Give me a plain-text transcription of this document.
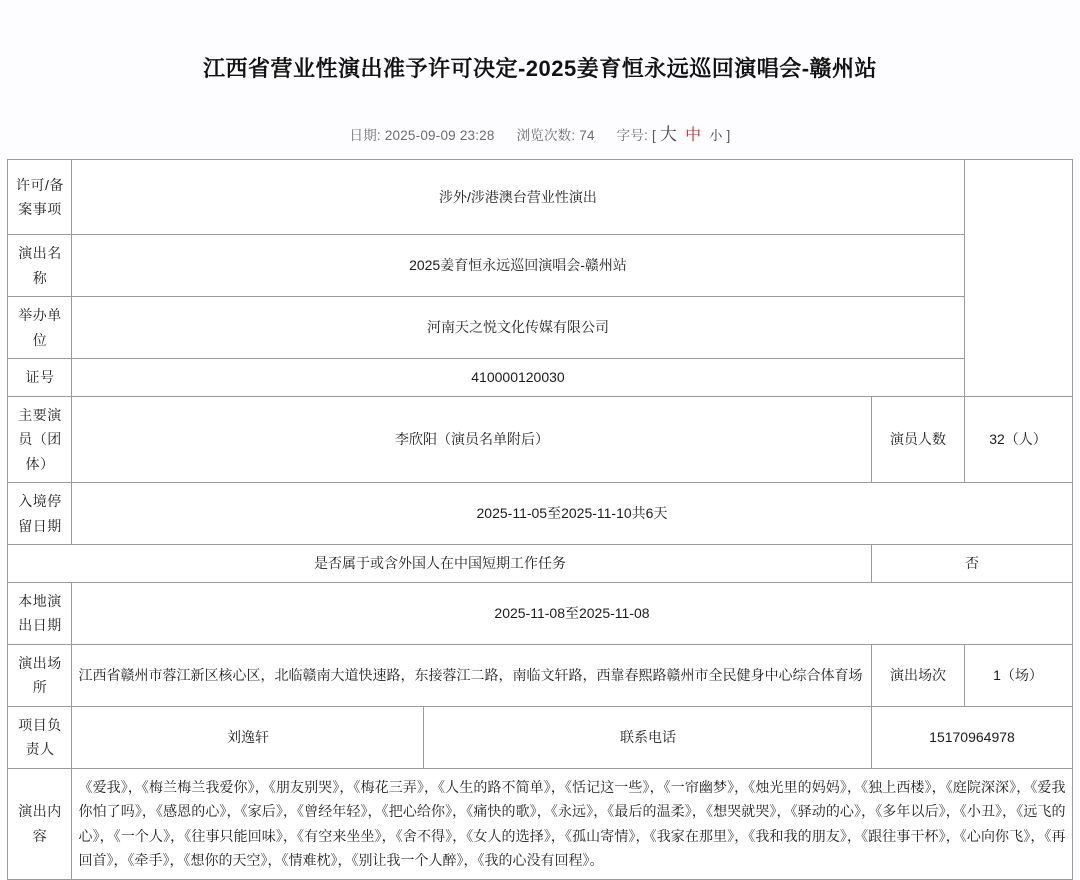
江西省营业性演出准予许可决定-2025姜育恒永远巡回演唱会-赣州站
日期: 2025-09-09 23:28 浏览次数: 74 字号: [ 大 中 小 ]
许可/备案事项	涉外/涉港澳台营业性演出			
演出名称	2025姜育恒永远巡回演唱会-赣州站			
举办单位	河南天之悦文化传媒有限公司			
证号	410000120030			
主要演员（团体）	李欣阳（演员名单附后）		演员人数	32（人）
入境停留日期	2025-11-05至2025-11-10共6天			
是否属于或含外国人在中国短期工作任务			否	
本地演出日期	2025-11-08至2025-11-08			
演出场所	江西省赣州市蓉江新区核心区，北临赣南大道快速路，东接蓉江二路，南临文轩路，西靠春熙路赣州市全民健身中心综合体育场		演出场次	1（场）
项目负责人	刘逸轩	联系电话	15170964978	
演出内容	《爱我》，《梅兰梅兰我爱你》，《朋友别哭》，《梅花三弄》，《人生的路不简单》，《恬记这一些》，《一帘幽梦》，《烛光里的妈妈》，《独上西楼》，《庭院深深》，《爱我你怕了吗》，《感恩的心》，《家后》，《曾经年轻》，《把心给你》，《痛快的歌》，《永远》，《最后的温柔》，《想哭就哭》，《驿动的心》，《多年以后》，《小丑》，《远飞的心》，《一个人》，《往事只能回味》，《有空来坐坐》，《舍不得》，《女人的选择》，《孤山寄情》，《我家在那里》，《我和我的朋友》，《跟往事干杯》，《心向你飞》，《再回首》，《牵手》，《想你的天空》，《情难枕》，《别让我一个人醉》，《我的心没有回程》。			
